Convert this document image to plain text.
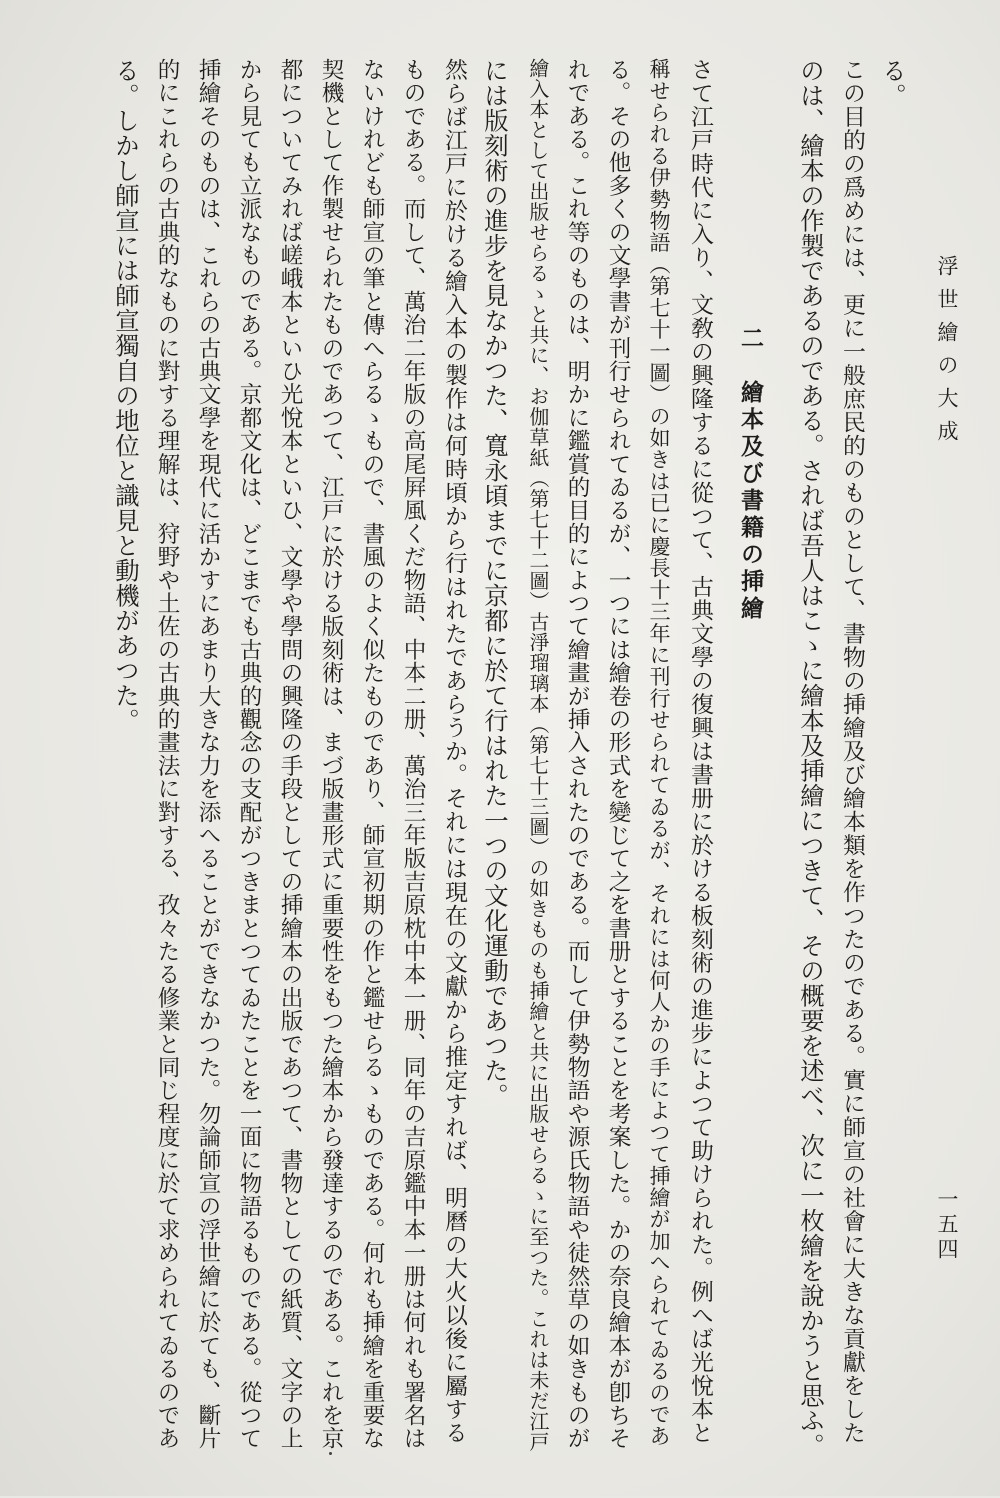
浮世繪の大成
一五四
る。
この目的の爲めには、更に一般庶民的のものとして、書物の挿繪及び繪本類を作つたのである。實に師宣の社會に大きな貢獻をした
のは、繪本の作製であるのである。されば吾人はこゝに繪本及挿繪につきて、その概要を述べ、次に一枚繪を說かうと思ふ。
二　繪本及び書籍の挿繪
さて江戸時代に入り、文敎の興隆するに從つて、古典文學の復興は書册に於ける板刻術の進步によつて助けられた。例へば光悅本と
稱せられる伊勢物語（第七十一圖）の如きは已に慶長十三年に刊行せられてゐるが、それには何人かの手によつて挿繪が加へられてゐるのであ
る。その他多くの文學書が刊行せられてゐるが、一つには繪卷の形式を變じて之を書册とすることを考案した。かの奈良繪本が卽ちそ
れである。これ等のものは、明かに鑑賞的目的によつて繪畫が挿入されたのである。而して伊勢物語や源氏物語や徒然草の如きものが
繪入本として出版せらるゝと共に、お伽草紙（第七十二圖）古淨瑠璃本（第七十三圖）の如きものも挿繪と共に出版せらるゝに至つた。これは未だ江戸
には版刻術の進步を見なかつた、寬永頃までに京都に於て行はれた一つの文化運動であつた。
然らば江戸に於ける繪入本の製作は何時頃から行はれたであらうか。それには現在の文獻から推定すれば、明曆の大火以後に屬する
ものである。而して、萬治二年版の高尾屛風くだ物語、中本二册、萬治三年版吉原枕中本一册、同年の吉原鑑中本一册は何れも署名は
ないけれども師宣の筆と傳へらるゝもので、書風のよく似たものであり、師宣初期の作と鑑せらるゝものである。何れも挿繪を重要な
契機として作製せられたものであつて、江戸に於ける版刻術は、まづ版畫形式に重要性をもつた繪本から發達するのである。これを京
都についてみれば嵯峨本といひ光悅本といひ、文學や學問の興隆の手段としての挿繪本の出版であつて、書物としての紙質、文字の上
から見ても立派なものである。京都文化は、どこまでも古典的觀念の支配がつきまとつてゐたことを一面に物語るものである。從つて
挿繪そのものは、これらの古典文學を現代に活かすにあまり大きな力を添へることができなかつた。勿論師宣の浮世繪に於ても、斷片
的にこれらの古典的なものに對する理解は、狩野や土佐の古典的畫法に對する、孜々たる修業と同じ程度に於て求められてゐるのであ
る。しかし師宣には師宣獨自の地位と識見と動機があつた。
